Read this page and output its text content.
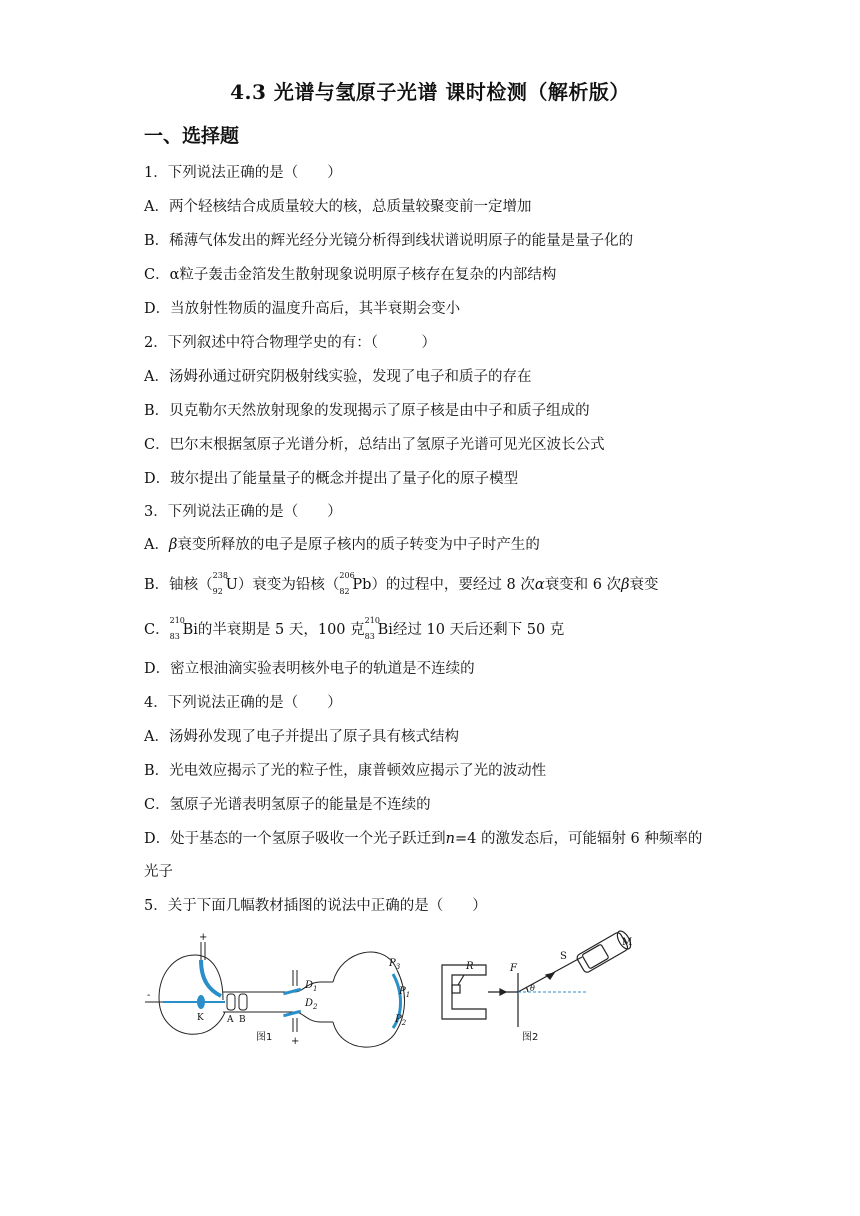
4.3 光谱与氢原子光谱 课时检测（解析版）
一、选择题
1．下列说法正确的是（　　）
A．两个轻核结合成质量较大的核，总质量较聚变前一定增加
B．稀薄气体发出的辉光经分光镜分析得到线状谱说明原子的能量是量子化的
C．α粒子轰击金箔发生散射现象说明原子核存在复杂的内部结构
D．当放射性物质的温度升高后，其半衰期会变小
2．下列叙述中符合物理学史的有：（　　　）
A．汤姆孙通过研究阴极射线实验，发现了电子和质子的存在
B．贝克勒尔天然放射现象的发现揭示了原子核是由中子和质子组成的
C．巴尔末根据氢原子光谱分析，总结出了氢原子光谱可见光区波长公式
D．玻尔提出了能量量子的概念并提出了量子化的原子模型
3．下列说法正确的是（　　）
A．β衰变所释放的电子是原子核内的质子转变为中子时产生的
B．铀核（
238
92 U）衰变为铅核（
206
82 Pb）的过程中，要经过 8 次α衰变和 6 次β衰变
C．
210
83 Bi的半衰期是 5 天，100 克
210
83 Bi经过 10 天后还剩下 50 克
D．密立根油滴实验表明核外电子的轨道是不连续的
4．下列说法正确的是（　　）
A．汤姆孙发现了电子并提出了原子具有核式结构
B．光电效应揭示了光的粒子性，康普顿效应揭示了光的波动性
C．氢原子光谱表明氢原子的能量是不连续的
D．处于基态的一个氢原子吸收一个光子跃迁到n=4 的激发态后，可能辐射 6 种频率的
光子
5．关于下面几幅教材插图的说法中正确的是（　　）
+
-
K	A B
$D_1$
$D_2$
$P_3$
$P_1$
$P_2$
+
图1
R	F
θ
S
M
图2
